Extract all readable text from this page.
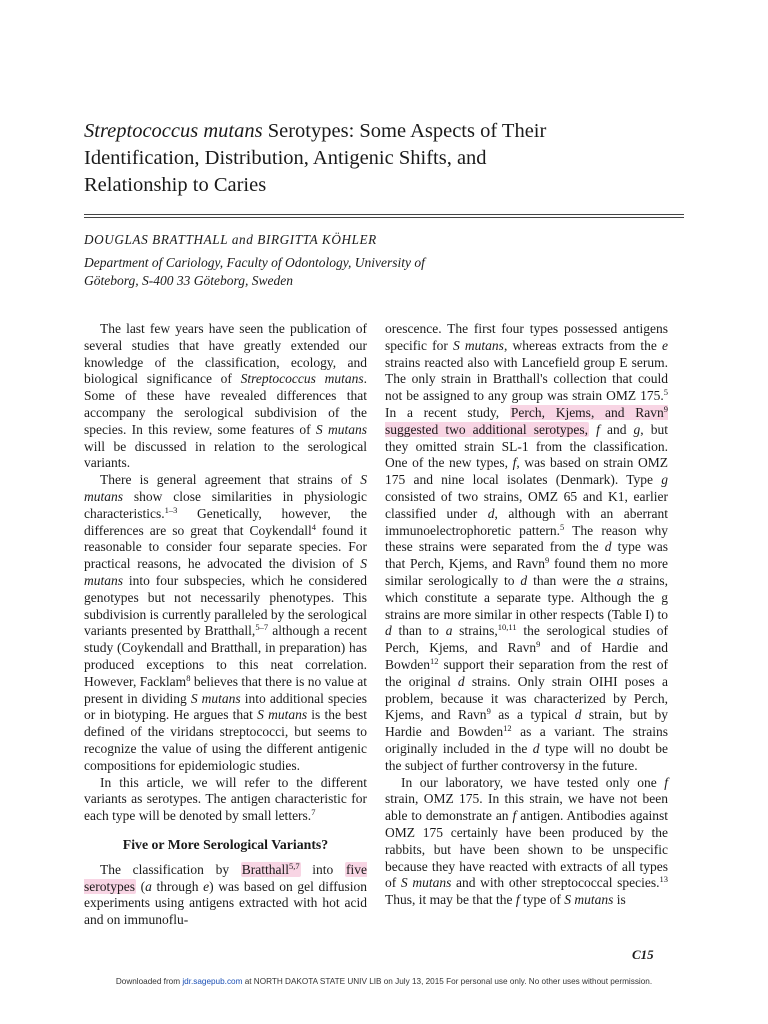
Streptococcus mutans Serotypes: Some Aspects of Their
Identification, Distribution, Antigenic Shifts, and
Relationship to Caries

DOUGLAS BRATTHALL and BIRGITTA KÖHLER

Department of Cariology, Faculty of Odontology, University of
Göteborg, S-400 33 Göteborg, Sweden

The last few years have seen the publication of several studies that have greatly extended our knowledge of the classification, ecology, and biological significance of Streptococcus mutans. Some of these have revealed differences that accompany the serological subdivision of the species. In this review, some features of S mutans will be discussed in relation to the serological variants.

There is general agreement that strains of S mutans show close similarities in physiologic characteristics.$^{1-3}$ Genetically, however, the differences are so great that Coykendall$^4$ found it reasonable to consider four separate species. For practical reasons, he advocated the division of S mutans into four subspecies, which he considered genotypes but not necessarily phenotypes. This subdivision is currently paralleled by the serological variants presented by Bratthall,$^{5-7}$ although a recent study (Coykendall and Bratthall, in preparation) has produced exceptions to this neat correlation. However, Facklam$^8$ believes that there is no value at present in dividing S mutans into additional species or in biotyping. He argues that S mutans is the best defined of the viridans streptococci, but seems to recognize the value of using the different antigenic compositions for epidemiologic studies.

In this article, we will refer to the different variants as serotypes. The antigen characteristic for each type will be denoted by small letters.$^7$

Five or More Serological Variants?

The classification by Bratthall$^{5,7}$ into five serotypes (a through e) was based on gel diffusion experiments using antigens extracted with hot acid and on immunoflu-

orescence. The first four types possessed antigens specific for S mutans, whereas extracts from the e strains reacted also with Lancefield group E serum. The only strain in Bratthall's collection that could not be assigned to any group was strain OMZ 175.$^5$ In a recent study, Perch, Kjems, and Ravn$^9$ suggested two additional serotypes, f and g, but they omitted strain SL-1 from the classification. One of the new types, f, was based on strain OMZ 175 and nine local isolates (Denmark). Type g consisted of two strains, OMZ 65 and K1, earlier classified under d, although with an aberrant immunoelectrophoretic pattern.$^5$ The reason why these strains were separated from the d type was that Perch, Kjems, and Ravn$^9$ found them no more similar serologically to d than were the a strains, which constitute a separate type. Although the g strains are more similar in other respects (Table I) to d than to a strains,$^{10,11}$ the serological studies of Perch, Kjems, and Ravn$^9$ and of Hardie and Bowden$^{12}$ support their separation from the rest of the original d strains. Only strain OIHI poses a problem, because it was characterized by Perch, Kjems, and Ravn$^9$ as a typical d strain, but by Hardie and Bowden$^{12}$ as a variant. The strains originally included in the d type will no doubt be the subject of further controversy in the future.

In our laboratory, we have tested only one f strain, OMZ 175. In this strain, we have not been able to demonstrate an f antigen. Antibodies against OMZ 175 certainly have been produced by the rabbits, but have been shown to be unspecific because they have reacted with extracts of all types of S mutans and with other streptococcal species.$^{13}$ Thus, it may be that the f type of S mutans is

C15

Downloaded from jdr.sagepub.com at NORTH DAKOTA STATE UNIV LIB on July 13, 2015 For personal use only. No other uses without permission.
